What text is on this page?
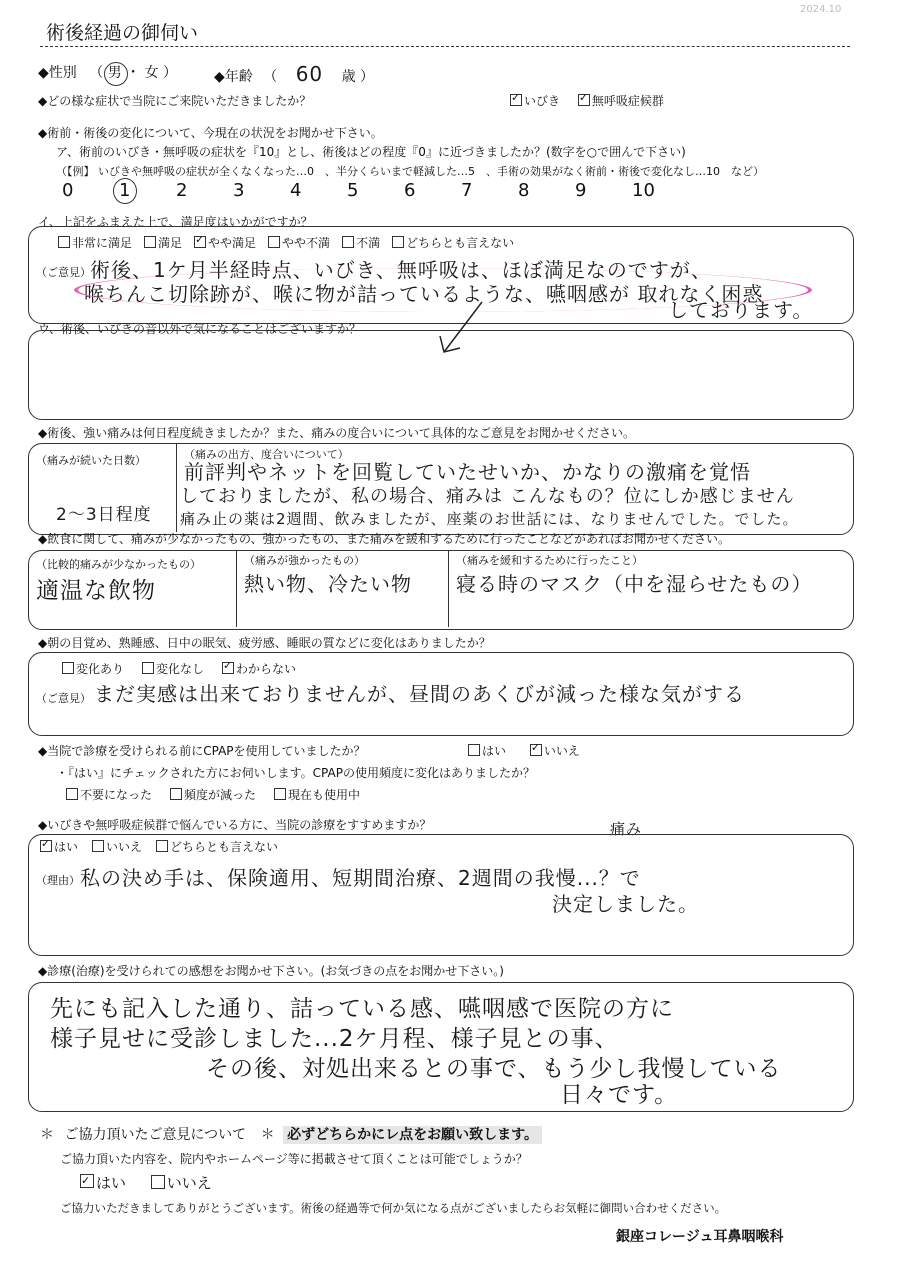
2024.10
術後経過の御伺い
◆性別 （ 男 ・ 女 ）	◆年齢 （ 60 歳 ）
◆どの様な症状で当院にご来院いただきましたか？ ✓	いびき ✓	無呼吸症候群
◆術前・術後の変化について、今現在の状況をお聞かせ下さい。
ア、術前のいびき・無呼吸の症状を『10』とし、術後はどの程度『0』に近づきましたか？(数字を○で囲んで下さい)
（【例】 いびきや無呼吸の症状が全くなくなった…0　、半分くらいまで軽減した…5　、手術の効果がなく術前・術後で変化なし…10　など）
0	1	2	3	4	5	6	7	8	9	10
イ、上記をふまえた上で、満足度はいかがですか？
非常に満足 満足 ✓ やや満足 やや不満 不満 どちらとも言えない
（ご意見） 術後、1ケ月半経時点、いびき、無呼吸は、ほぼ満足なのですが、
喉ちんこ切除跡が、喉に物が詰っているような、嚥咽感が 取れなく困惑
しております。
ウ、術後、いびきの音以外で気になることはございますか？
◆術後、強い痛みは何日程度続きましたか？また、痛みの度合いについて具体的なご意見をお聞かせください。
（痛みが続いた日数）
2〜3日程度
（痛みの出方、度合いについて）
前評判やネットを回覧していたせいか、かなりの激痛を覚悟
しておりましたが、私の場合、痛みは こんなもの？位にしか感じません
痛み止の薬は2週間、飲みましたが、座薬のお世話には、なりませんでした。でした。
◆飲食に関して、痛みが少なかったもの、強かったもの、また痛みを緩和するために行ったことなどがあればお聞かせください。
（比較的痛みが少なかったもの）
適温な飲物
（痛みが強かったもの）
熱い物、冷たい物
（痛みを緩和するために行ったこと）
寝る時のマスク（中を湿らせたもの）
◆朝の目覚め、熟睡感、日中の眠気、疲労感、睡眠の質などに変化はありましたか？
変化あり	変化なし ✓	わからない
（ご意見） まだ実感は出来ておりませんが、昼間のあくびが減った様な気がする
◆当院で診療を受けられる前にCPAPを使用していましたか？	はい ✓	いいえ
・『はい』にチェックされた方にお伺いします。CPAPの使用頻度に変化はありましたか？
不要になった	頻度が減った	現在も使用中
◆いびきや無呼吸症候群で悩んでいる方に、当院の診療をすすめますか？	痛み
✓はい いいえ どちらとも言えない
（理由） 私の決め手は、保険適用、短期間治療、2週間の我慢...？で
決定しました。
◆診療(治療)を受けられての感想をお聞かせ下さい。(お気づきの点をお聞かせ下さい。)
先にも記入した通り、詰っている感、嚥咽感で医院の方に
様子見せに受診しました...2ケ月程、様子見との事、
その後、対処出来るとの事で、もう少し我慢している
日々です。
＊ ご協力頂いたご意見について ＊ 必ずどちらかにレ点をお願い致します。
ご協力頂いた内容を、院内やホームページ等に掲載させて頂くことは可能でしょうか？
✓はい	いいえ
ご協力いただきましてありがとうございます。術後の経過等で何か気になる点がございましたらお気軽に御問い合わせください。
銀座コレージュ耳鼻咽喉科
